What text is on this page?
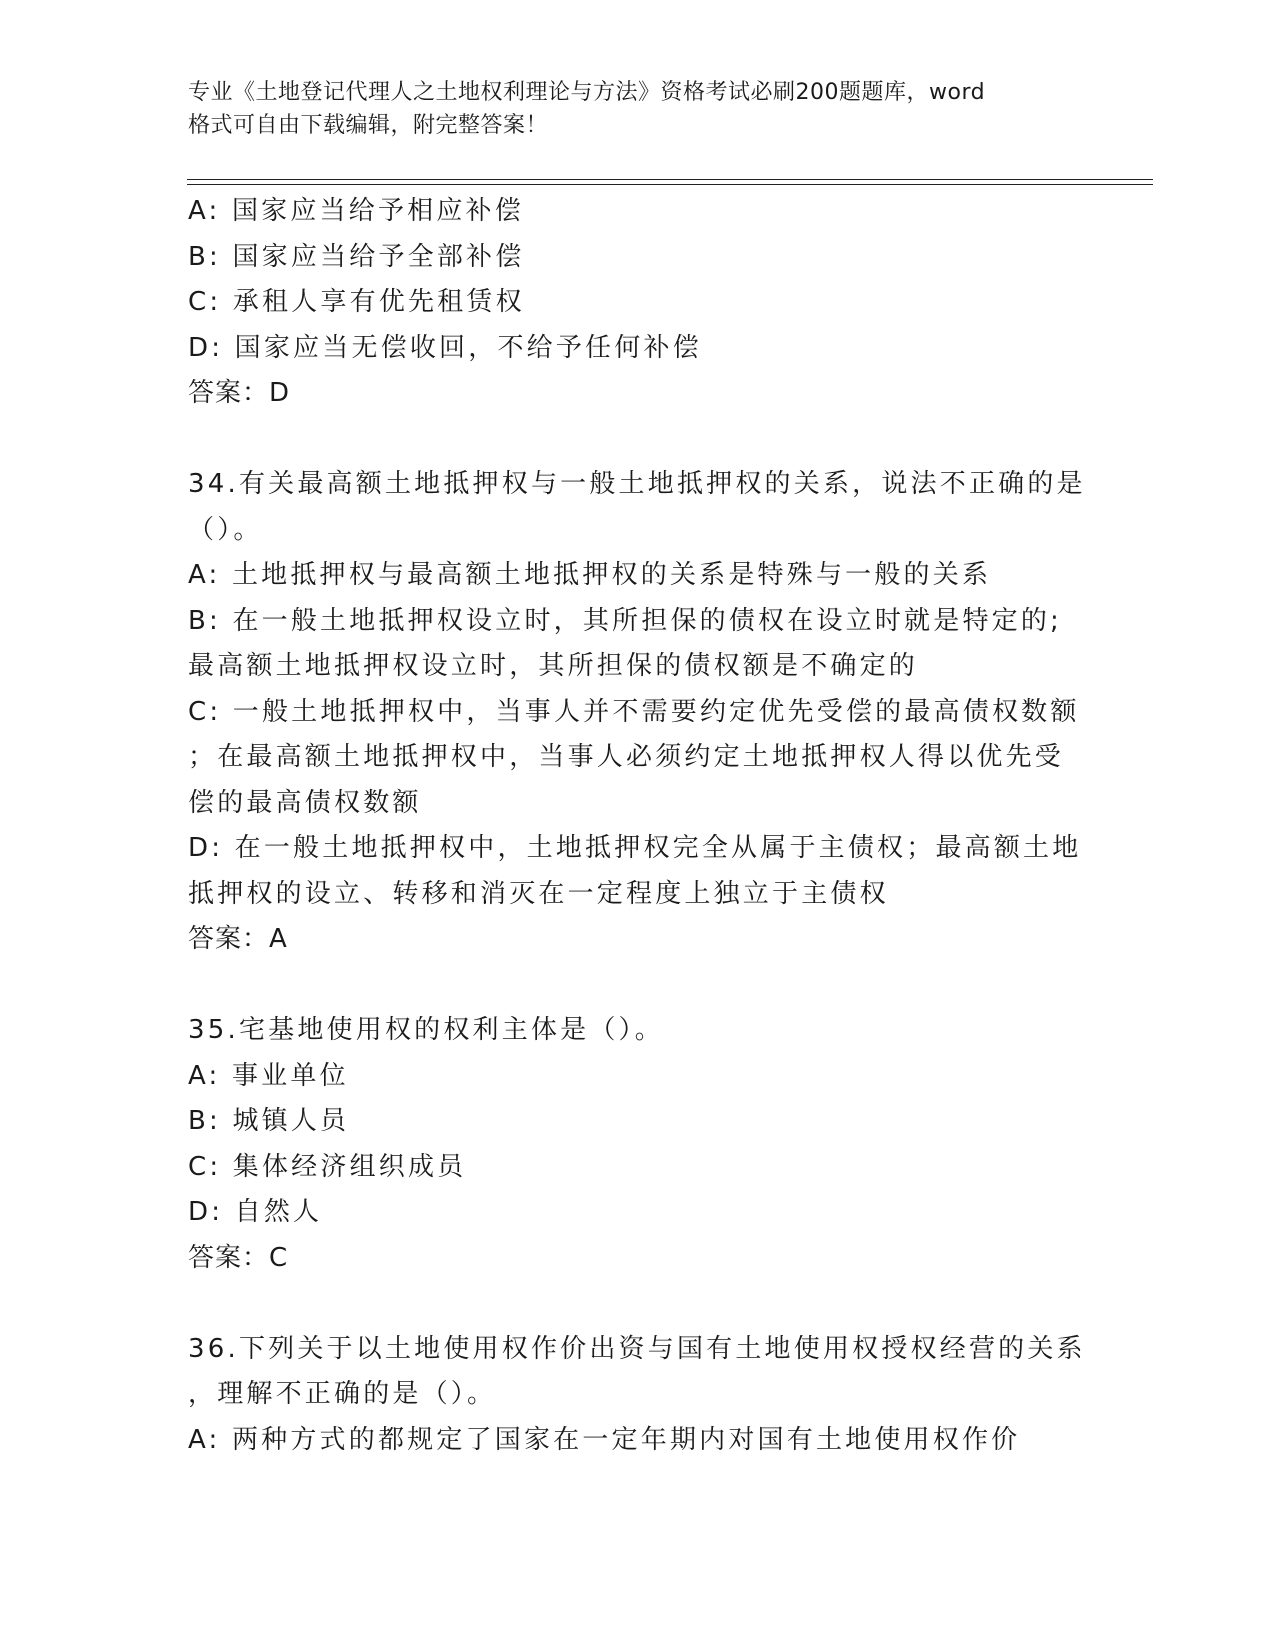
专业《土地登记代理人之土地权利理论与方法》资格考试必刷200题题库，word
格式可自由下载编辑，附完整答案！
A: 国家应当给予相应补偿
B: 国家应当给予全部补偿
C: 承租人享有优先租赁权
D: 国家应当无偿收回，不给予任何补偿
答案：D
34.有关最高额土地抵押权与一般土地抵押权的关系，说法不正确的是
（）。
A: 土地抵押权与最高额土地抵押权的关系是特殊与一般的关系
B: 在一般土地抵押权设立时，其所担保的债权在设立时就是特定的;
最高额土地抵押权设立时，其所担保的债权额是不确定的
C: 一般土地抵押权中，当事人并不需要约定优先受偿的最高债权数额
；在最高额土地抵押权中，当事人必须约定土地抵押权人得以优先受
偿的最高债权数额
D: 在一般土地抵押权中，土地抵押权完全从属于主债权；最高额土地
抵押权的设立、转移和消灭在一定程度上独立于主债权
答案：A
35.宅基地使用权的权利主体是（）。
A: 事业单位
B: 城镇人员
C: 集体经济组织成员
D: 自然人
答案：C
36.下列关于以土地使用权作价出资与国有土地使用权授权经营的关系
，理解不正确的是（）。
A: 两种方式的都规定了国家在一定年期内对国有土地使用权作价
